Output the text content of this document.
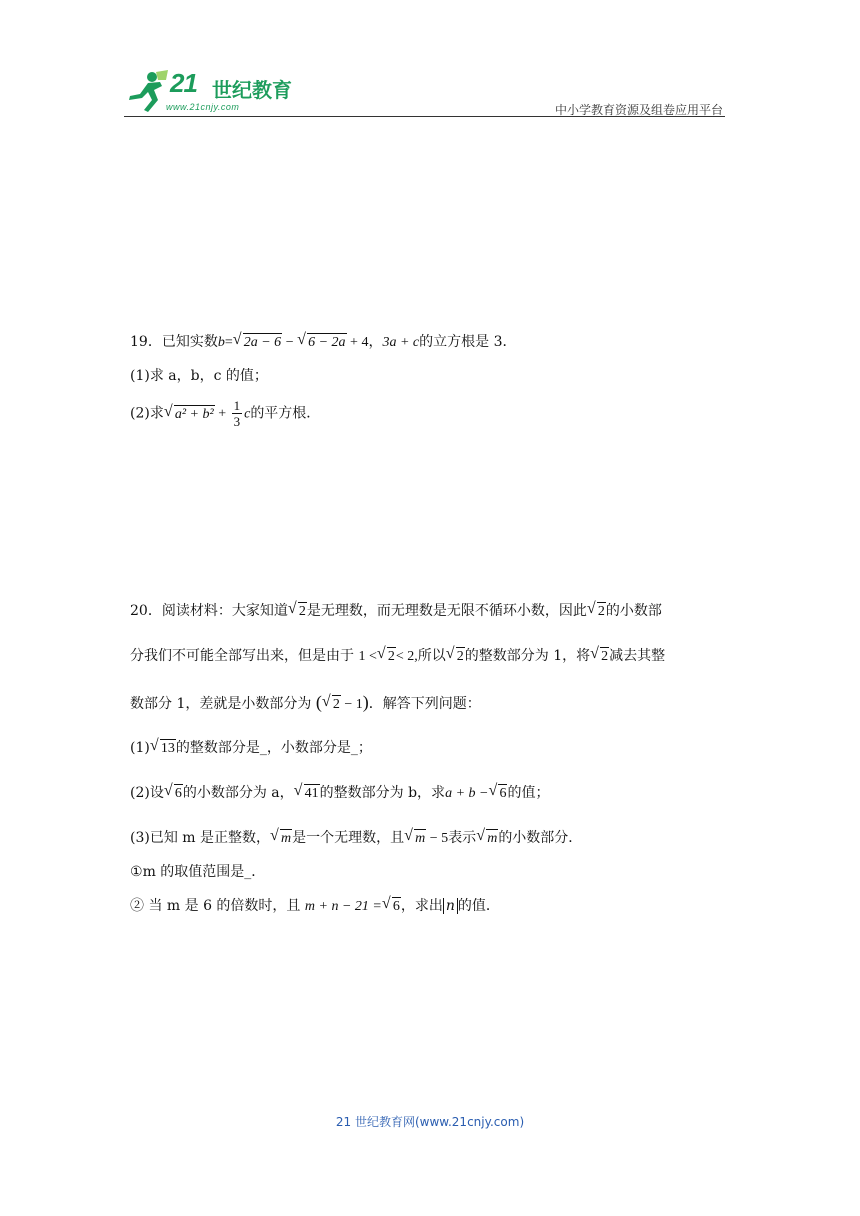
21 世纪教育
www.21cnjy.com	中小学教育资源及组卷应用平台
19．已知实数b= √ 2a − 6 − √ 6 − 2a + 4，3a + c的立方根是 3．
(1)求 a，b，c 的值；
(2)求 √ $a^2 + b^2 + \frac{1}{3}$ c的平方根．
20．阅读材料：大家知道 √ 2是无理数，而无理数是无限不循环小数，因此 √ 2的小数部
分我们不可能全部写出来，但是由于 1 < √ 2< 2,所以 √ 2的整数部分为 1，将 √ 2减去其整
数部分 1，差就是小数部分为 ( √ 2 − 1)．解答下列问题：
(1) √ 13的整数部分是_，小数部分是_；
(2)设 √ 6的小数部分为 a， √ 41的整数部分为 b，求a + b − √ 6的值；
(3)已知 m 是正整数， √ m是一个无理数，且 √ m − 5表示 √ m的小数部分．
①m 的取值范围是_．
② 当 m 是 6 的倍数时，且 m + n − 21 = √ 6，求出 n 的值．
21 世纪教育网(www.21cnjy.com)
